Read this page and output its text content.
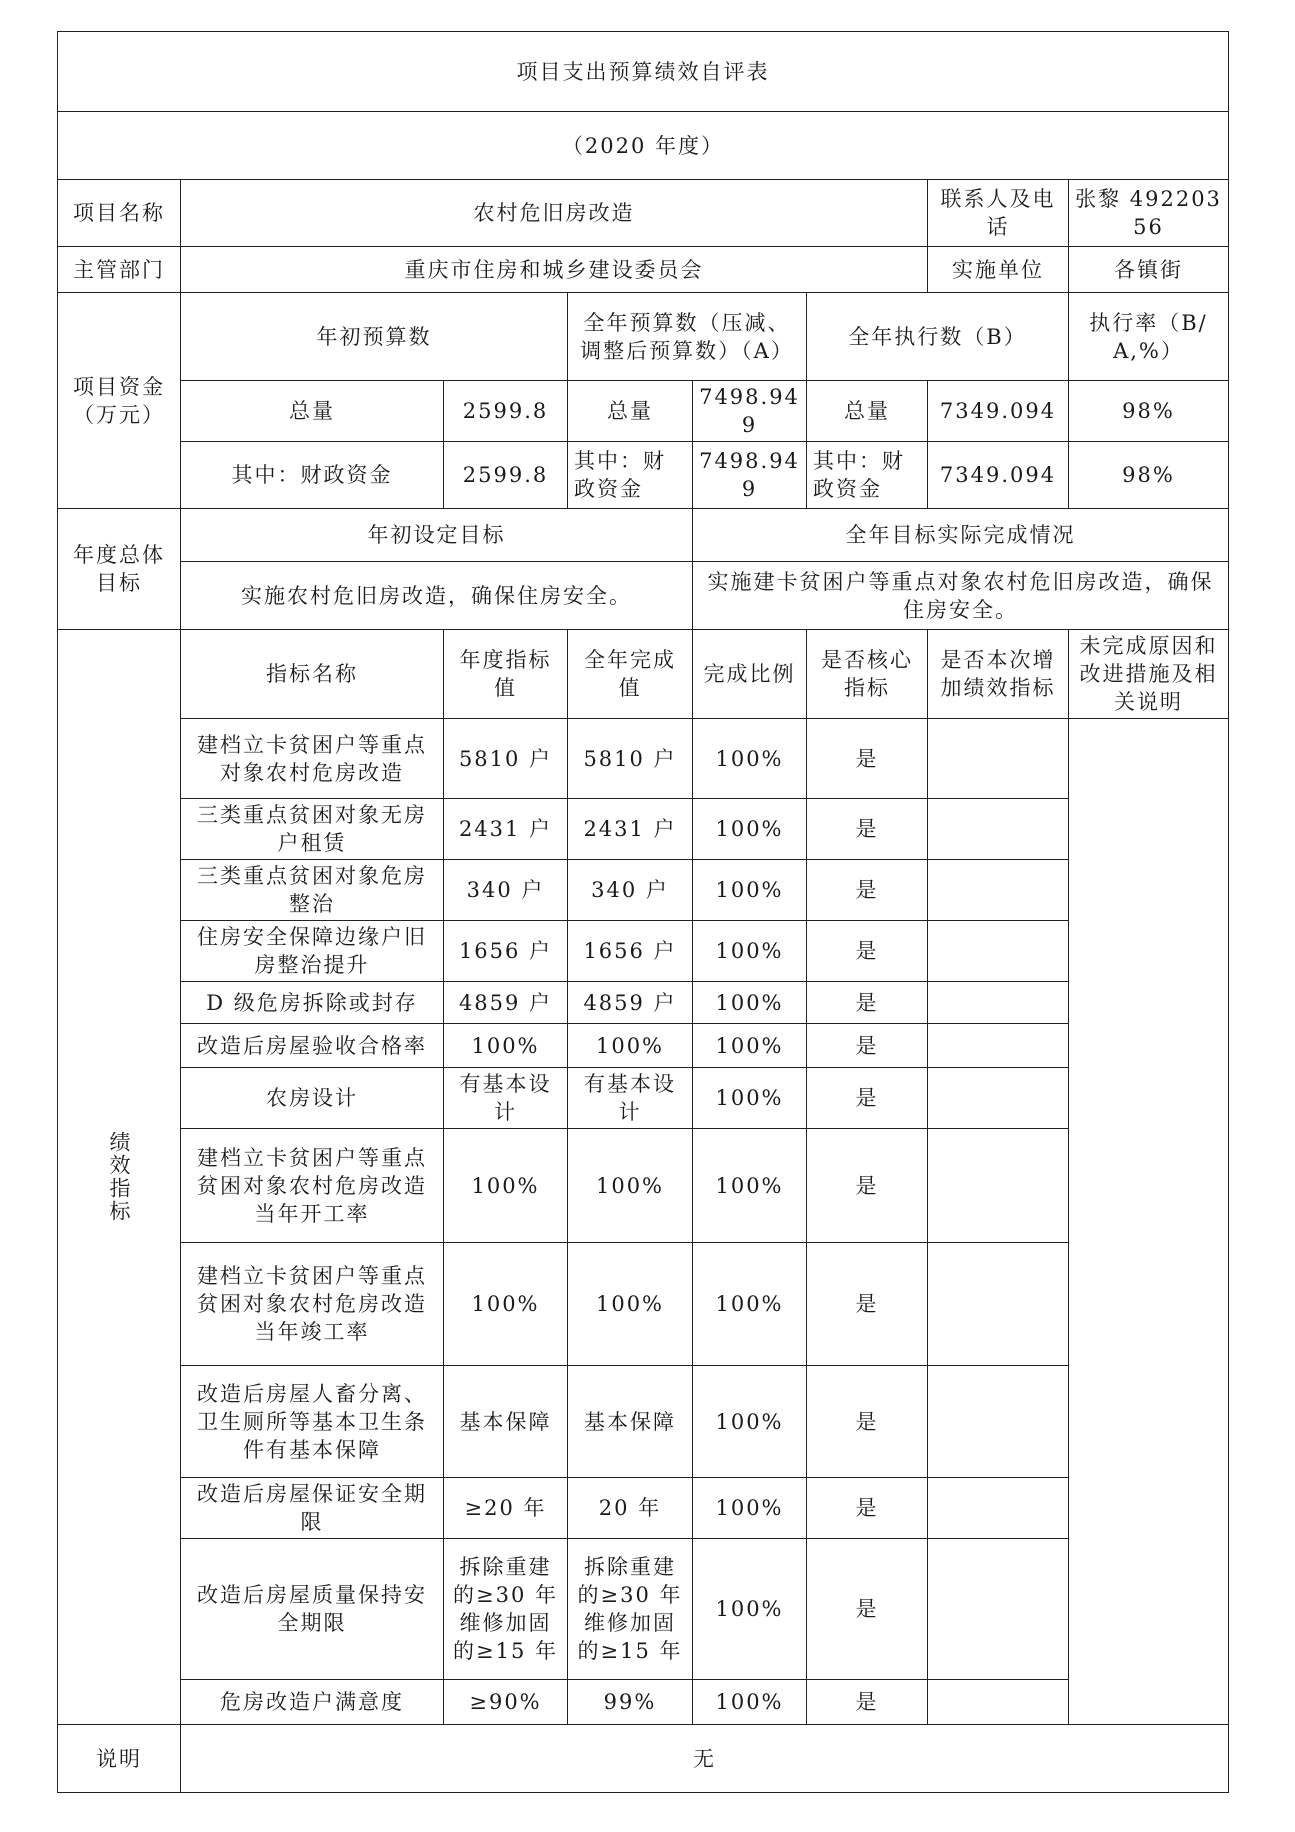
项目支出预算绩效自评表							
（2020 年度）							
项目名称	农村危旧房改造					联系人及电话	张黎 49220356
主管部门	重庆市住房和城乡建设委员会					实施单位	各镇街
项目资金（万元）	年初预算数		全年预算数（压减、调整后预算数）（A）		全年执行数（B）		执行率（B/A,%）
	总量	2599.8	总量	7498.949	总量	7349.094	98%
	其中：财政资金	2599.8	其中：财政资金	7498.949	其中：财政资金	7349.094	98%
年度总体目标	年初设定目标			全年目标实际完成情况			
	实施农村危旧房改造，确保住房安全。			实施建卡贫困户等重点对象农村危旧房改造，确保住房安全。			
绩效指标	指标名称	年度指标值	全年完成值	完成比例	是否核心指标	是否本次增加绩效指标	未完成原因和改进措施及相关说明
	建档立卡贫困户等重点对象农村危房改造	5810 户	5810 户	100%	是		
	三类重点贫困对象无房户租赁	2431 户	2431 户	100%	是		
	三类重点贫困对象危房整治	340 户	340 户	100%	是		
	住房安全保障边缘户旧房整治提升	1656 户	1656 户	100%	是		
	D 级危房拆除或封存	4859 户	4859 户	100%	是		
	改造后房屋验收合格率	100%	100%	100%	是		
	农房设计	有基本设计	有基本设计	100%	是		
	建档立卡贫困户等重点贫困对象农村危房改造当年开工率	100%	100%	100%	是		
	建档立卡贫困户等重点贫困对象农村危房改造当年竣工率	100%	100%	100%	是		
	改造后房屋人畜分离、卫生厕所等基本卫生条件有基本保障	基本保障	基本保障	100%	是		
	改造后房屋保证安全期限	≥20 年	20 年	100%	是		
	改造后房屋质量保持安全期限	拆除重建的≥30 年维修加固的≥15 年	拆除重建的≥30 年维修加固的≥15 年	100%	是		
	危房改造户满意度	≥90%	99%	100%	是		
说明	无						
